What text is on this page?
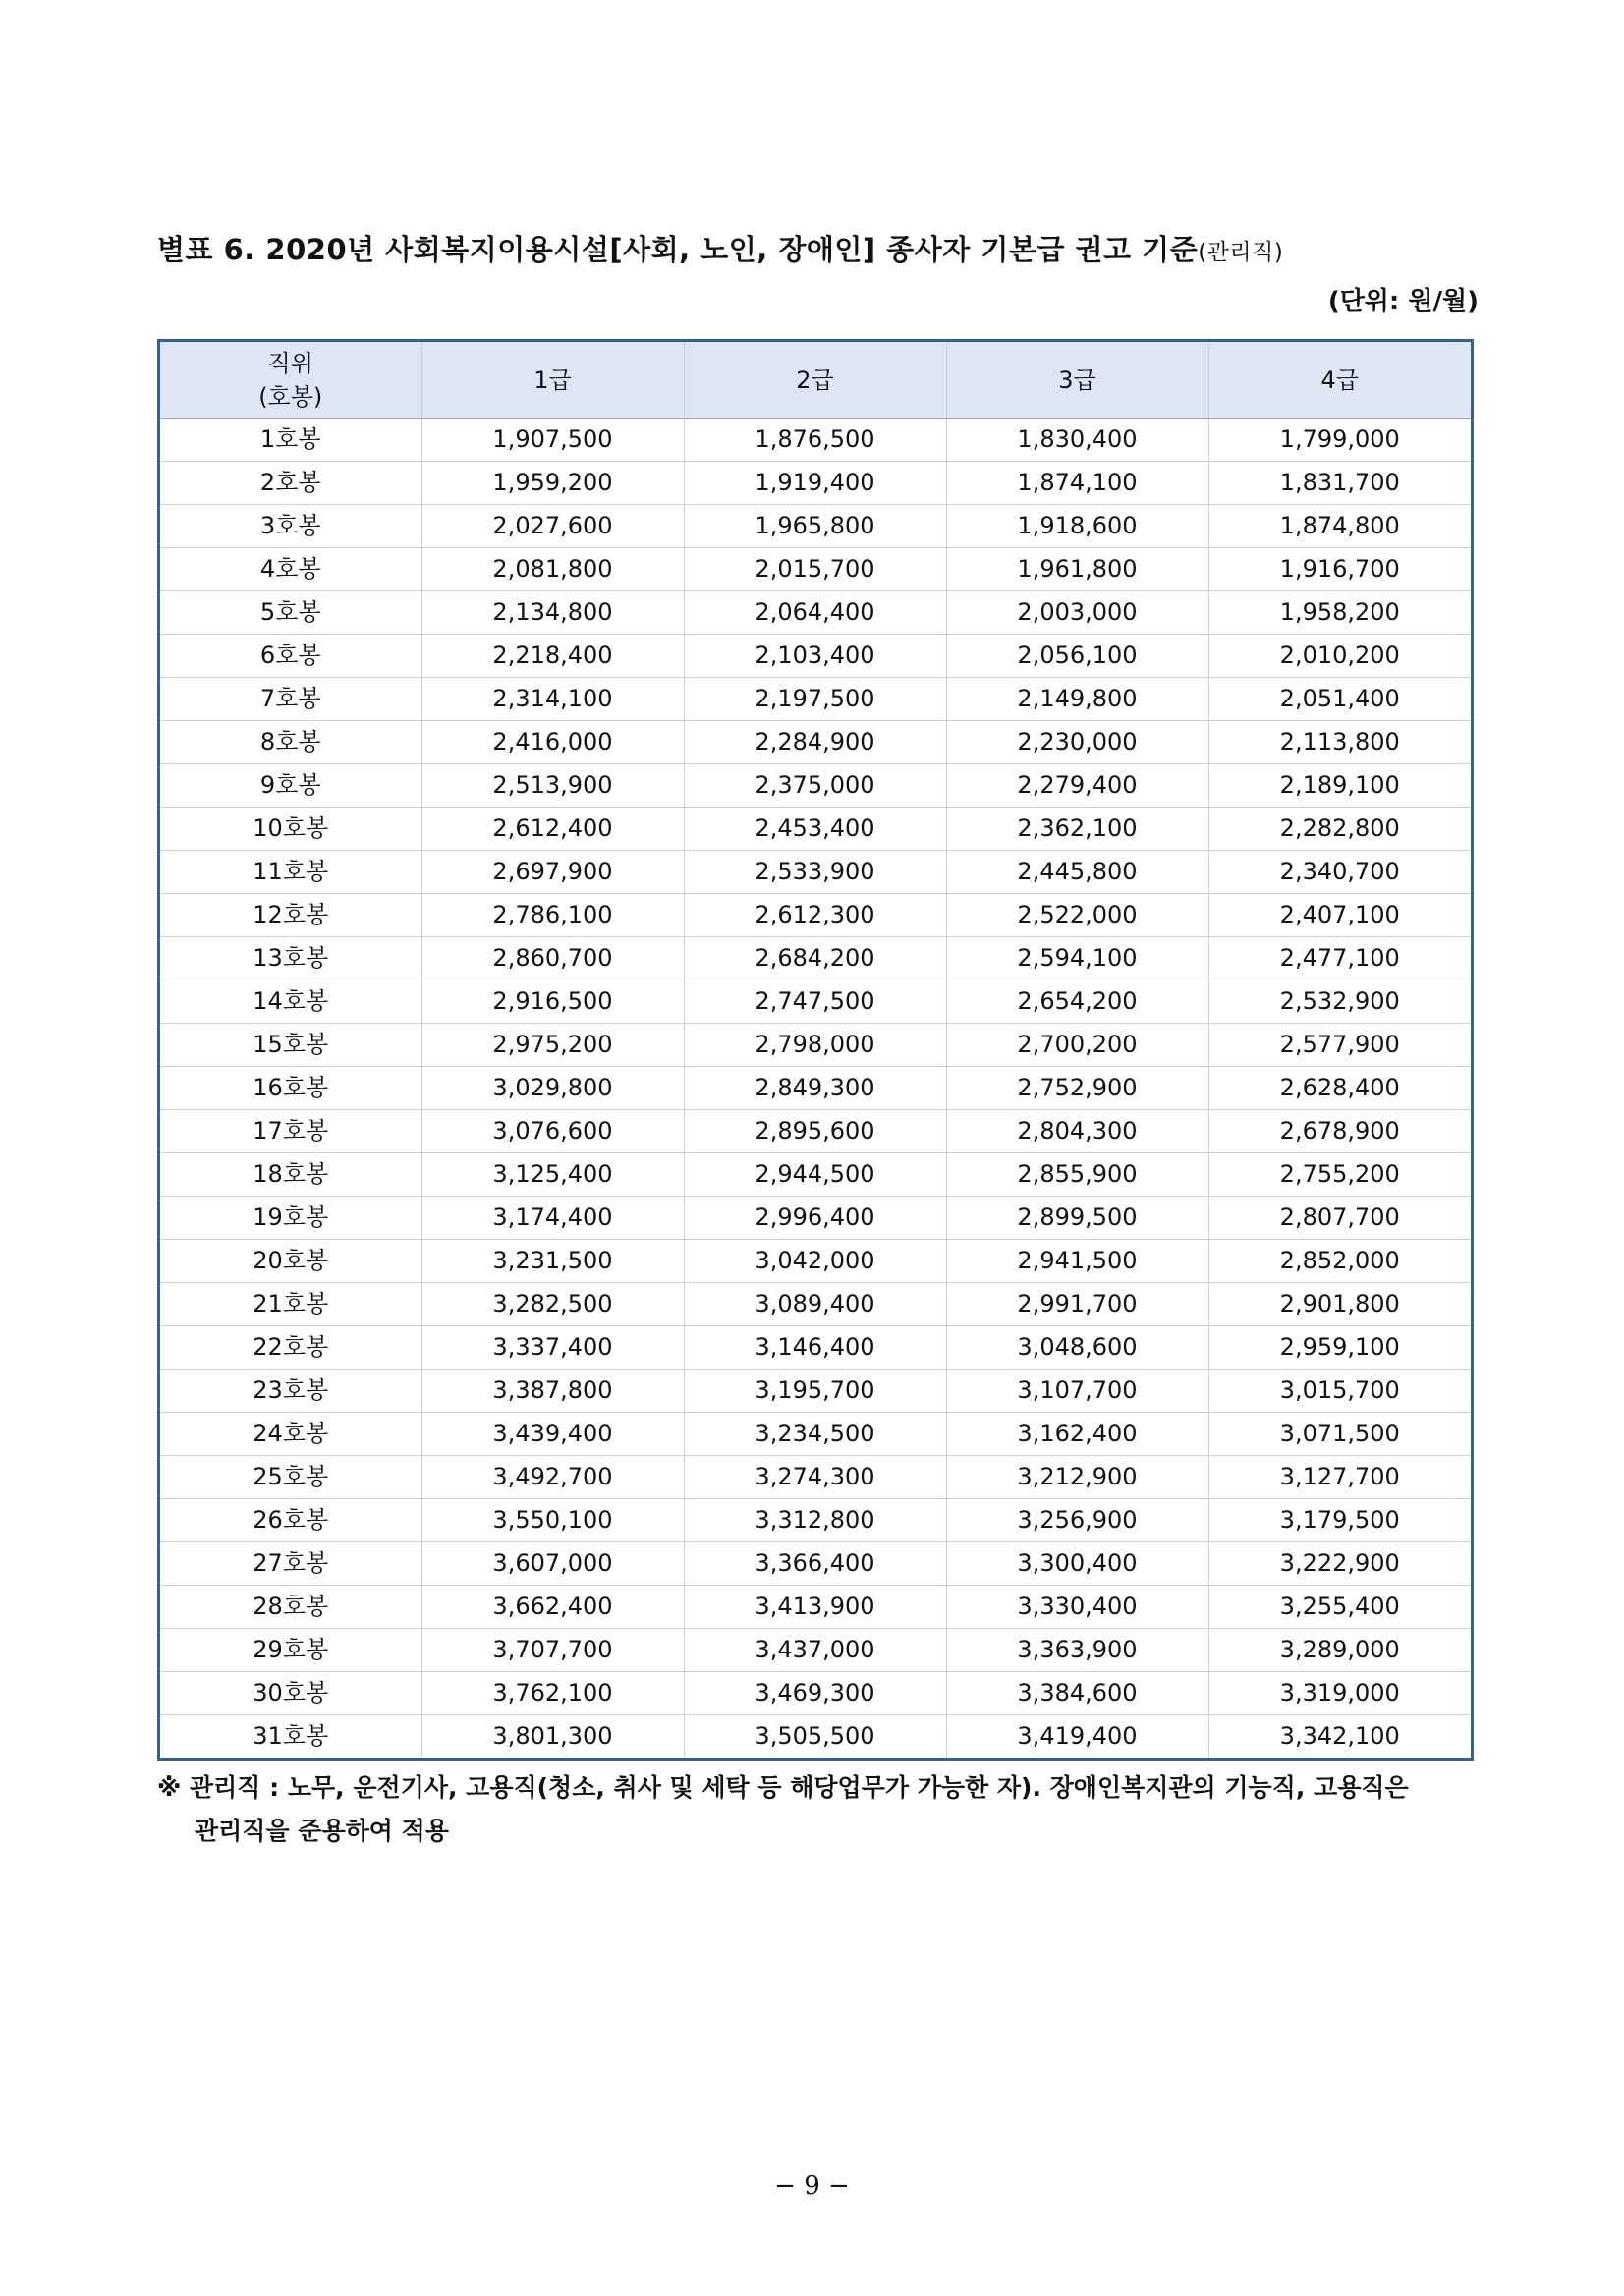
별표 6. 2020년 사회복지이용시설[사회, 노인, 장애인] 종사자 기본급 권고 기준(관리직)
(단위: 원/월)
직위
(호봉)	1급	2급	3급	4급
1호봉	1,907,500	1,876,500	1,830,400	1,799,000
2호봉	1,959,200	1,919,400	1,874,100	1,831,700
3호봉	2,027,600	1,965,800	1,918,600	1,874,800
4호봉	2,081,800	2,015,700	1,961,800	1,916,700
5호봉	2,134,800	2,064,400	2,003,000	1,958,200
6호봉	2,218,400	2,103,400	2,056,100	2,010,200
7호봉	2,314,100	2,197,500	2,149,800	2,051,400
8호봉	2,416,000	2,284,900	2,230,000	2,113,800
9호봉	2,513,900	2,375,000	2,279,400	2,189,100
10호봉	2,612,400	2,453,400	2,362,100	2,282,800
11호봉	2,697,900	2,533,900	2,445,800	2,340,700
12호봉	2,786,100	2,612,300	2,522,000	2,407,100
13호봉	2,860,700	2,684,200	2,594,100	2,477,100
14호봉	2,916,500	2,747,500	2,654,200	2,532,900
15호봉	2,975,200	2,798,000	2,700,200	2,577,900
16호봉	3,029,800	2,849,300	2,752,900	2,628,400
17호봉	3,076,600	2,895,600	2,804,300	2,678,900
18호봉	3,125,400	2,944,500	2,855,900	2,755,200
19호봉	3,174,400	2,996,400	2,899,500	2,807,700
20호봉	3,231,500	3,042,000	2,941,500	2,852,000
21호봉	3,282,500	3,089,400	2,991,700	2,901,800
22호봉	3,337,400	3,146,400	3,048,600	2,959,100
23호봉	3,387,800	3,195,700	3,107,700	3,015,700
24호봉	3,439,400	3,234,500	3,162,400	3,071,500
25호봉	3,492,700	3,274,300	3,212,900	3,127,700
26호봉	3,550,100	3,312,800	3,256,900	3,179,500
27호봉	3,607,000	3,366,400	3,300,400	3,222,900
28호봉	3,662,400	3,413,900	3,330,400	3,255,400
29호봉	3,707,700	3,437,000	3,363,900	3,289,000
30호봉	3,762,100	3,469,300	3,384,600	3,319,000
31호봉	3,801,300	3,505,500	3,419,400	3,342,100
※ 관리직 : 노무, 운전기사, 고용직(청소, 취사 및 세탁 등 해당업무가 가능한 자). 장애인복지관의 기능직, 고용직은
관리직을 준용하여 적용
− 9 −
